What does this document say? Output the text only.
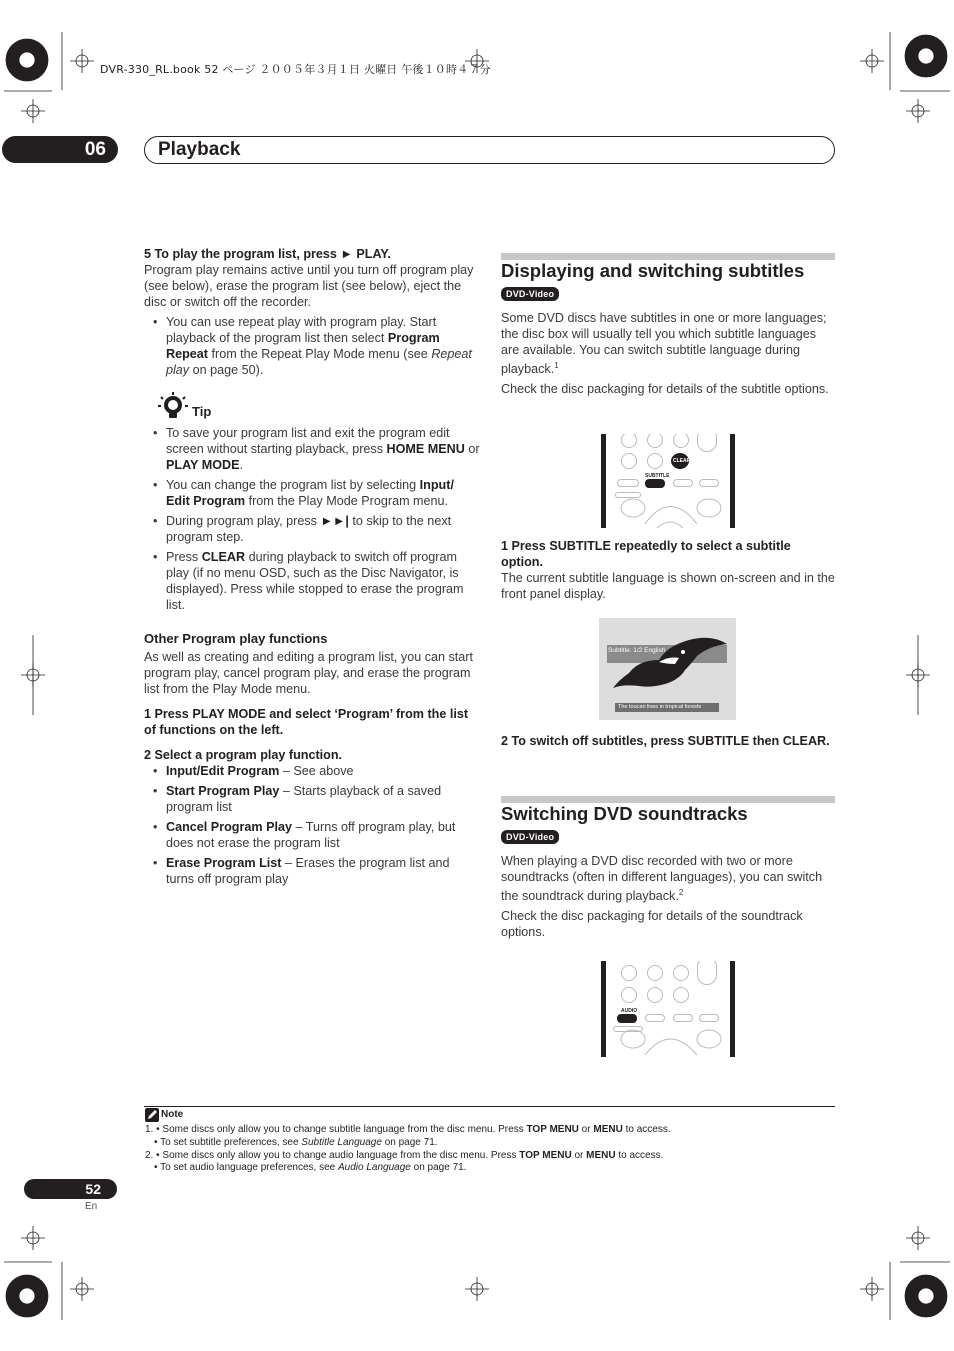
DVR-330_RL.book 52 ページ ２００５年３月１日 火曜日 午後１０時４７分
06	Playback

5 To play the program list, press ► PLAY.

Program play remains active until you turn off program play (see below), erase the program list (see below), eject the disc or switch off the recorder.

• You can use repeat play with program play. Start playback of the program list then select Program Repeat from the Repeat Play Mode menu (see Repeat play on page 50).
Tip
• To save your program list and exit the program edit screen without starting playback, press HOME MENU or PLAY MODE.
• You can change the program list by selecting Input/ Edit Program from the Play Mode Program menu.
• During program play, press ►►| to skip to the next program step.
• Press CLEAR during playback to switch off program play (if no menu OSD, such as the Disc Navigator, is displayed). Press while stopped to erase the program list.

Other Program play functions

As well as creating and editing a program list, you can start program play, cancel program play, and erase the program list from the Play Mode menu.

1 Press PLAY MODE and select ‘Program’ from the list of functions on the left.

2 Select a program play function.

• Input/Edit Program – See above
• Start Program Play – Starts playback of a saved program list
• Cancel Program Play – Turns off program play, but does not erase the program list
• Erase Program List – Erases the program list and turns off program play

Displaying and switching subtitles

DVD-Video

Some DVD discs have subtitles in one or more languages; the disc box will usually tell you which subtitle languages are available. You can switch subtitle language during playback.$^1$

Check the disc packaging for details of the subtitle options.

CLEAR
SUBTITLE

1 Press SUBTITLE repeatedly to select a subtitle option.

The current subtitle language is shown on-screen and in the front panel display.

Subtitle: 1/2 English
The toucan lives in tropical forests

2 To switch off subtitles, press SUBTITLE then CLEAR.

Switching DVD soundtracks

DVD-Video

When playing a DVD disc recorded with two or more soundtracks (often in different languages), you can switch the soundtrack during playback.$^2$

Check the disc packaging for details of the soundtrack options.

AUDIO
Note
1. • Some discs only allow you to change subtitle language from the disc menu. Press TOP MENU or MENU to access.
• To set subtitle preferences, see Subtitle Language on page 71.
2. • Some discs only allow you to change audio language from the disc menu. Press TOP MENU or MENU to access.
• To set audio language preferences, see Audio Language on page 71.
52
En
